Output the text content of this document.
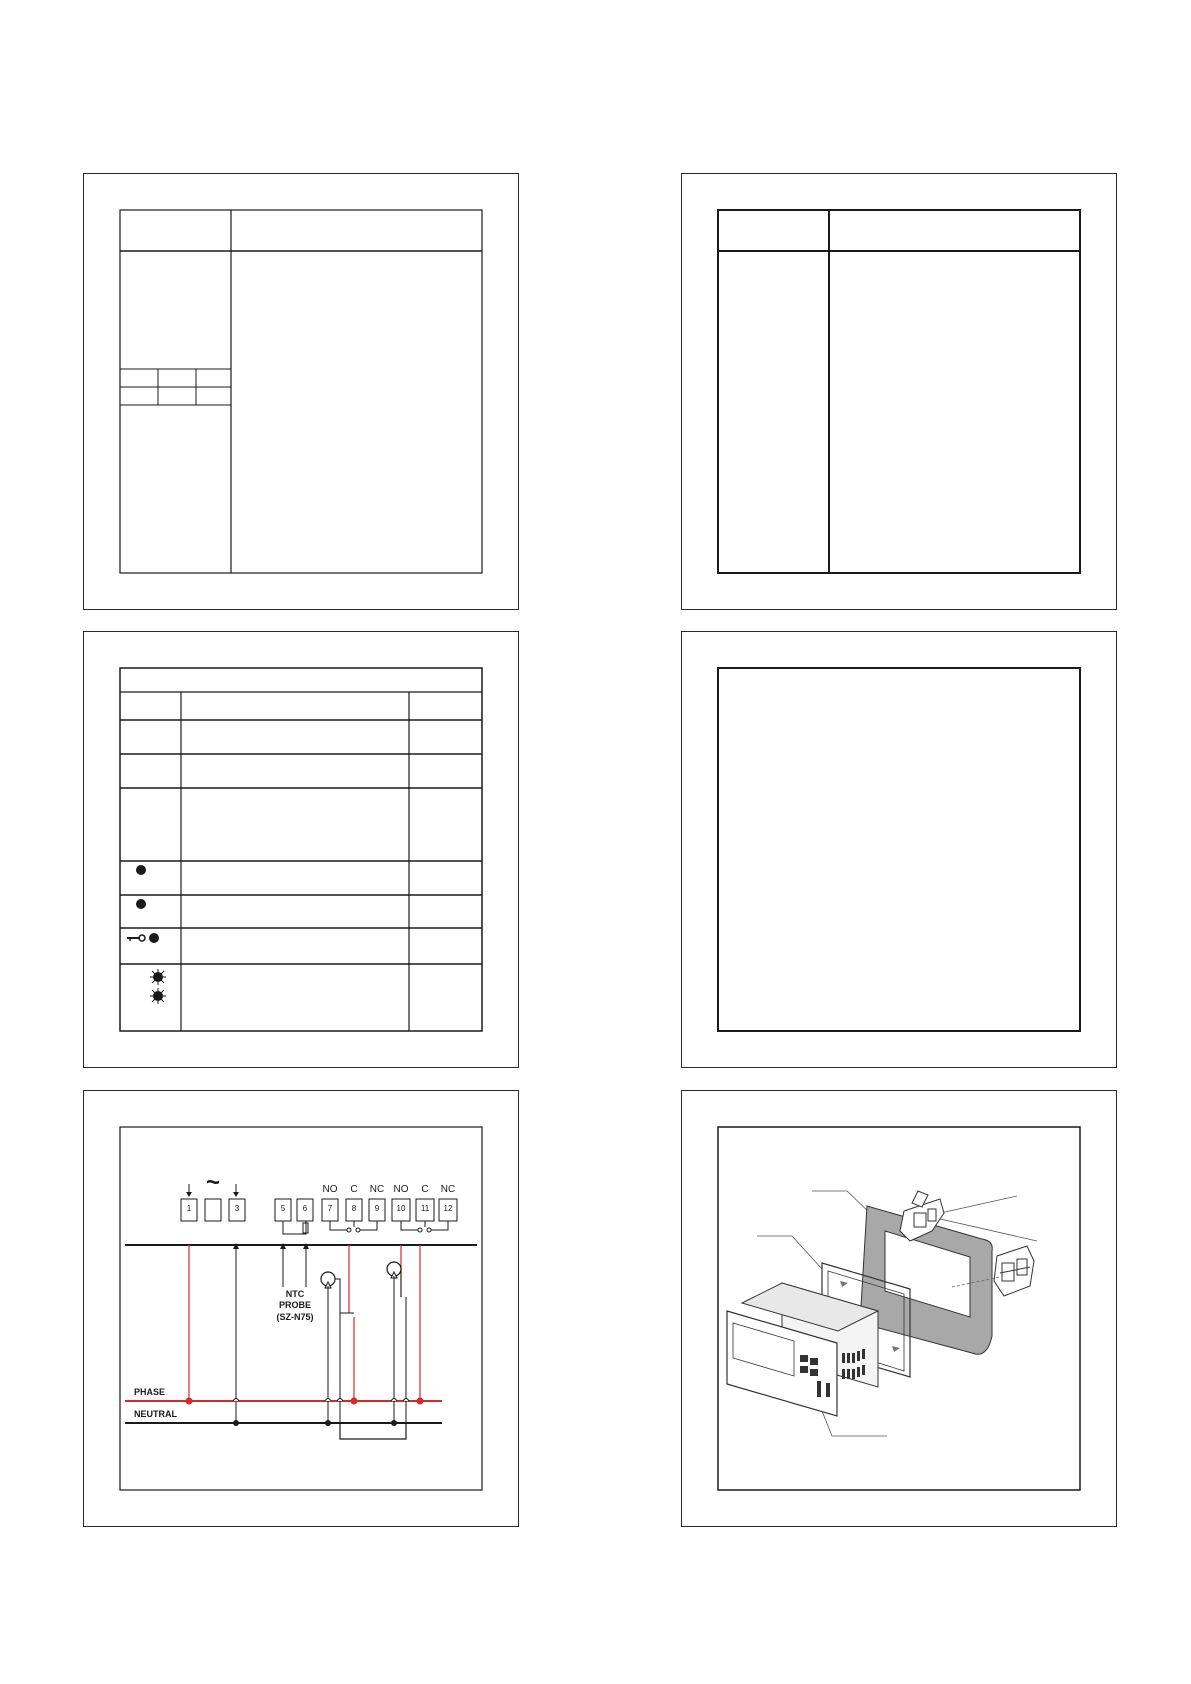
~
1	3	5	6	7	8	9	10	11	12
NO	C	NC NO	C	NC
NTC
PROBE
(SZ-N75)
PHASE
NEUTRAL
